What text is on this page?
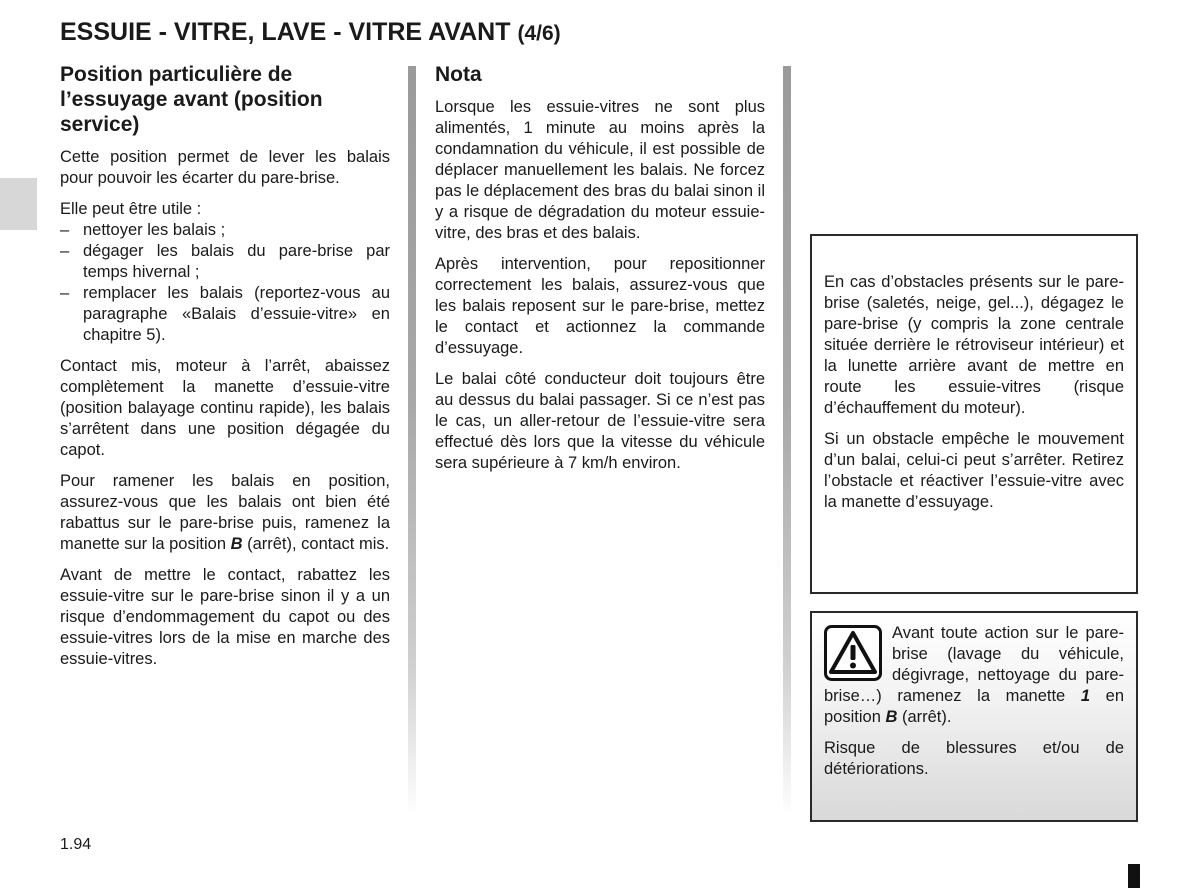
ESSUIE - VITRE, LAVE - VITRE AVANT (4/6)
Position particulière de l’essuyage avant (position service)

Cette position permet de lever les balais pour pouvoir les écarter du pare-brise.

Elle peut être utile :

– nettoyer les balais ;
– dégager les balais du pare-brise par temps hivernal ;
– remplacer les balais (reportez-vous au paragraphe «Balais d’essuie-vitre» en chapitre 5).

Contact mis, moteur à l’arrêt, abaissez complètement la manette d’essuie-vitre (position balayage continu rapide), les balais s’arrêtent dans une position dégagée du capot.

Pour ramener les balais en position, assurez-vous que les balais ont bien été rabattus sur le pare-brise puis, ramenez la manette sur la position B (arrêt), contact mis.

Avant de mettre le contact, rabattez les essuie-vitre sur le pare-brise sinon il y a un risque d’endommagement du capot ou des essuie-vitres lors de la mise en marche des essuie-vitres.

Nota

Lorsque les essuie-vitres ne sont plus alimentés, 1 minute au moins après la condamnation du véhicule, il est possible de déplacer manuellement les balais. Ne forcez pas le déplacement des bras du balai sinon il y a risque de dégradation du moteur essuie-vitre, des bras et des balais.

Après intervention, pour repositionner correctement les balais, assurez-vous que les balais reposent sur le pare-brise, mettez le contact et actionnez la commande d’essuyage.

Le balai côté conducteur doit toujours être au dessus du balai passager. Si ce n’est pas le cas, un aller-retour de l’essuie-vitre sera effectué dès lors que la vitesse du véhicule sera supérieure à 7 km/h environ.

En cas d’obstacles présents sur le pare-brise (saletés, neige, gel...), dégagez le pare-brise (y compris la zone centrale située derrière le rétroviseur intérieur) et la lunette arrière avant de mettre en route les essuie-vitres (risque d’échauffement du moteur).

Si un obstacle empêche le mouvement d’un balai, celui-ci peut s’arrêter. Retirez l’obstacle et réactiver l’essuie-vitre avec la manette d’essuyage.

Avant toute action sur le pare-brise (lavage du véhicule, dégivrage, nettoyage du pare-brise…) ramenez la manette 1 en position B (arrêt).

Risque de blessures et/ou de détériorations.

1.94
